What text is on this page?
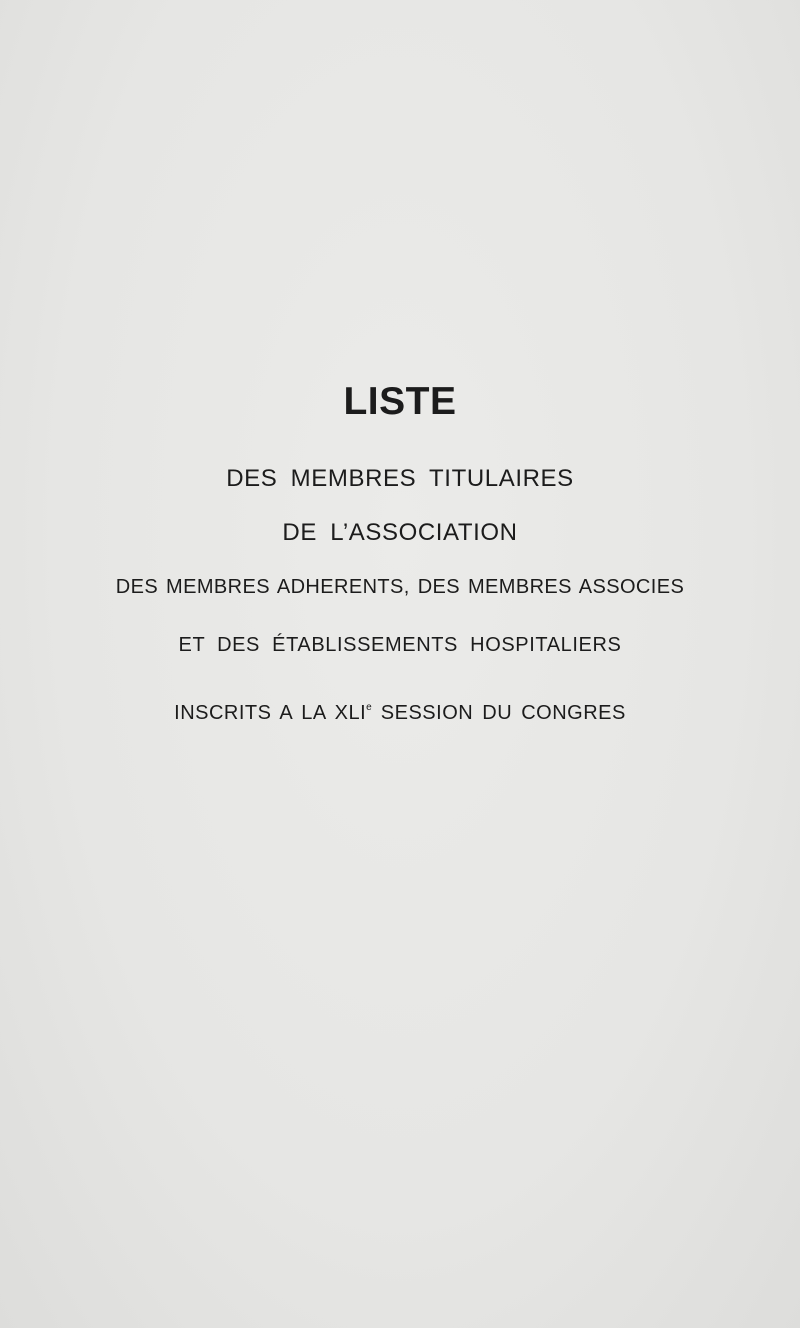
LISTE
DES MEMBRES TITULAIRES
DE L’ASSOCIATION
DES MEMBRES ADHERENTS, DES MEMBRES ASSOCIES
ET DES ÉTABLISSEMENTS HOSPITALIERS
INSCRITS A LA XLIe SESSION DU CONGRES
